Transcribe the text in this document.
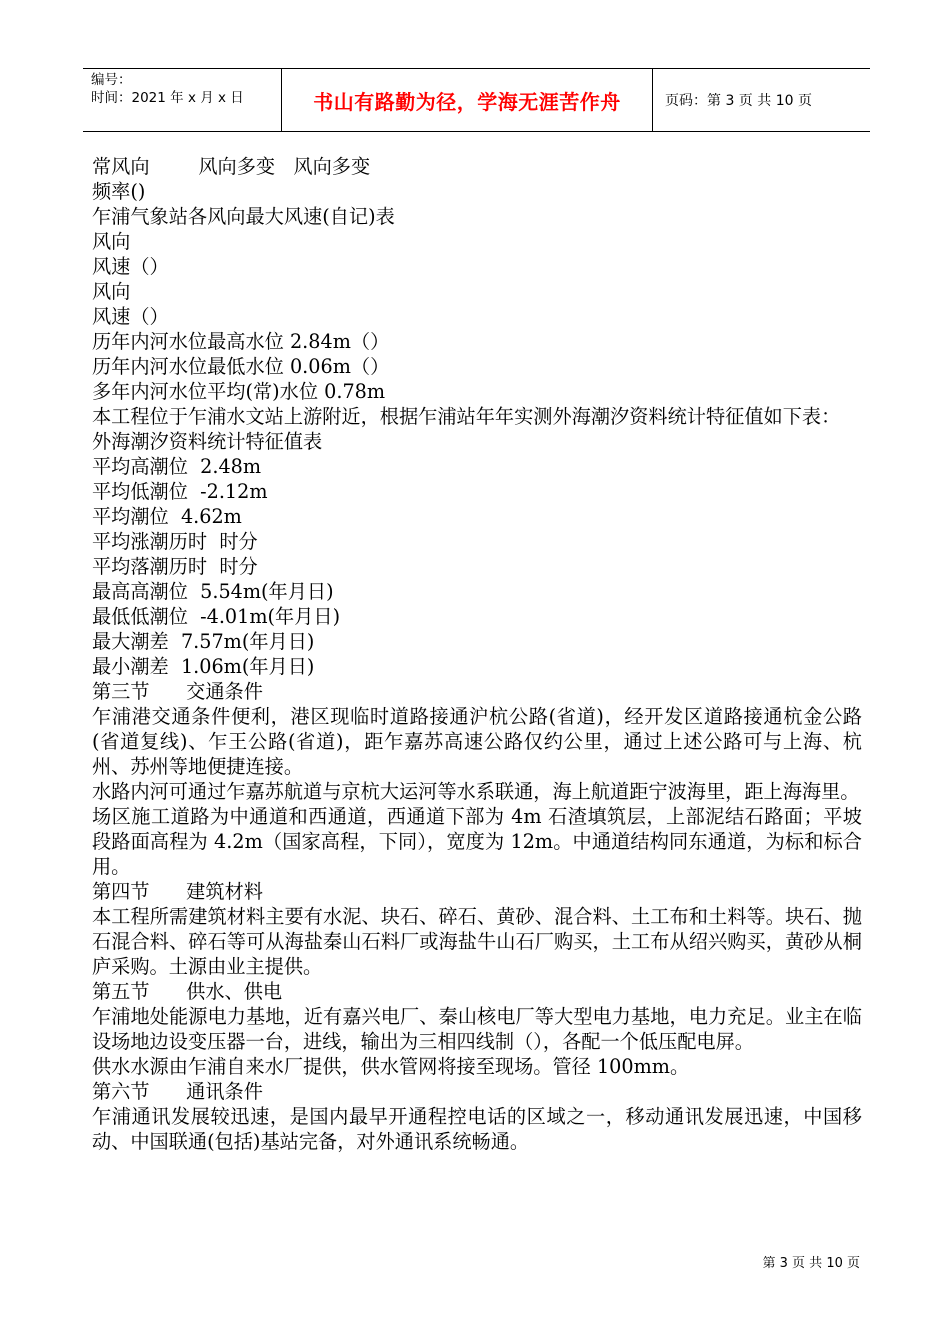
编号：
时间：2021 年 x 月 x 日	书山有路勤为径，学海无涯苦作舟	页码：第 3 页 共 10 页
常风向        风向多变   风向多变
频率()
乍浦气象站各风向最大风速(自记)表
风向
风速（）
风向
风速（）
历年内河水位最高水位 2.84m（）
历年内河水位最低水位 0.06m（）
多年内河水位平均(常)水位 0.78m
本工程位于乍浦水文站上游附近，根据乍浦站年年实测外海潮汐资料统计特征值如下表：
外海潮汐资料统计特征值表
平均高潮位  2.48m
平均低潮位  -2.12m
平均潮位  4.62m
平均涨潮历时  时分
平均落潮历时  时分
最高高潮位  5.54m(年月日)
最低低潮位  -4.01m(年月日)
最大潮差  7.57m(年月日)
最小潮差  1.06m(年月日)
第三节      交通条件
乍浦港交通条件便利，港区现临时道路接通沪杭公路(省道)，经开发区道路接通杭金公路(省道复线)、乍王公路(省道)，距乍嘉苏高速公路仅约公里，通过上述公路可与上海、杭州、苏州等地便捷连接。
水路内河可通过乍嘉苏航道与京杭大运河等水系联通，海上航道距宁波海里，距上海海里。
场区施工道路为中通道和西通道，西通道下部为 4m 石渣填筑层，上部泥结石路面；平坡段路面高程为 4.2m（国家高程，下同），宽度为 12m。中通道结构同东通道，为标和标合用。
第四节      建筑材料
本工程所需建筑材料主要有水泥、块石、碎石、黄砂、混合料、土工布和土料等。块石、抛石混合料、碎石等可从海盐秦山石料厂或海盐牛山石厂购买，土工布从绍兴购买，黄砂从桐庐采购。土源由业主提供。
第五节      供水、供电
乍浦地处能源电力基地，近有嘉兴电厂、秦山核电厂等大型电力基地，电力充足。业主在临设场地边设变压器一台，进线，输出为三相四线制（），各配一个低压配电屏。
供水水源由乍浦自来水厂提供，供水管网将接至现场。管径 100mm。
第六节      通讯条件
乍浦通讯发展较迅速，是国内最早开通程控电话的区域之一，移动通讯发展迅速，中国移动、中国联通(包括)基站完备，对外通讯系统畅通。
第 3 页 共 10 页
